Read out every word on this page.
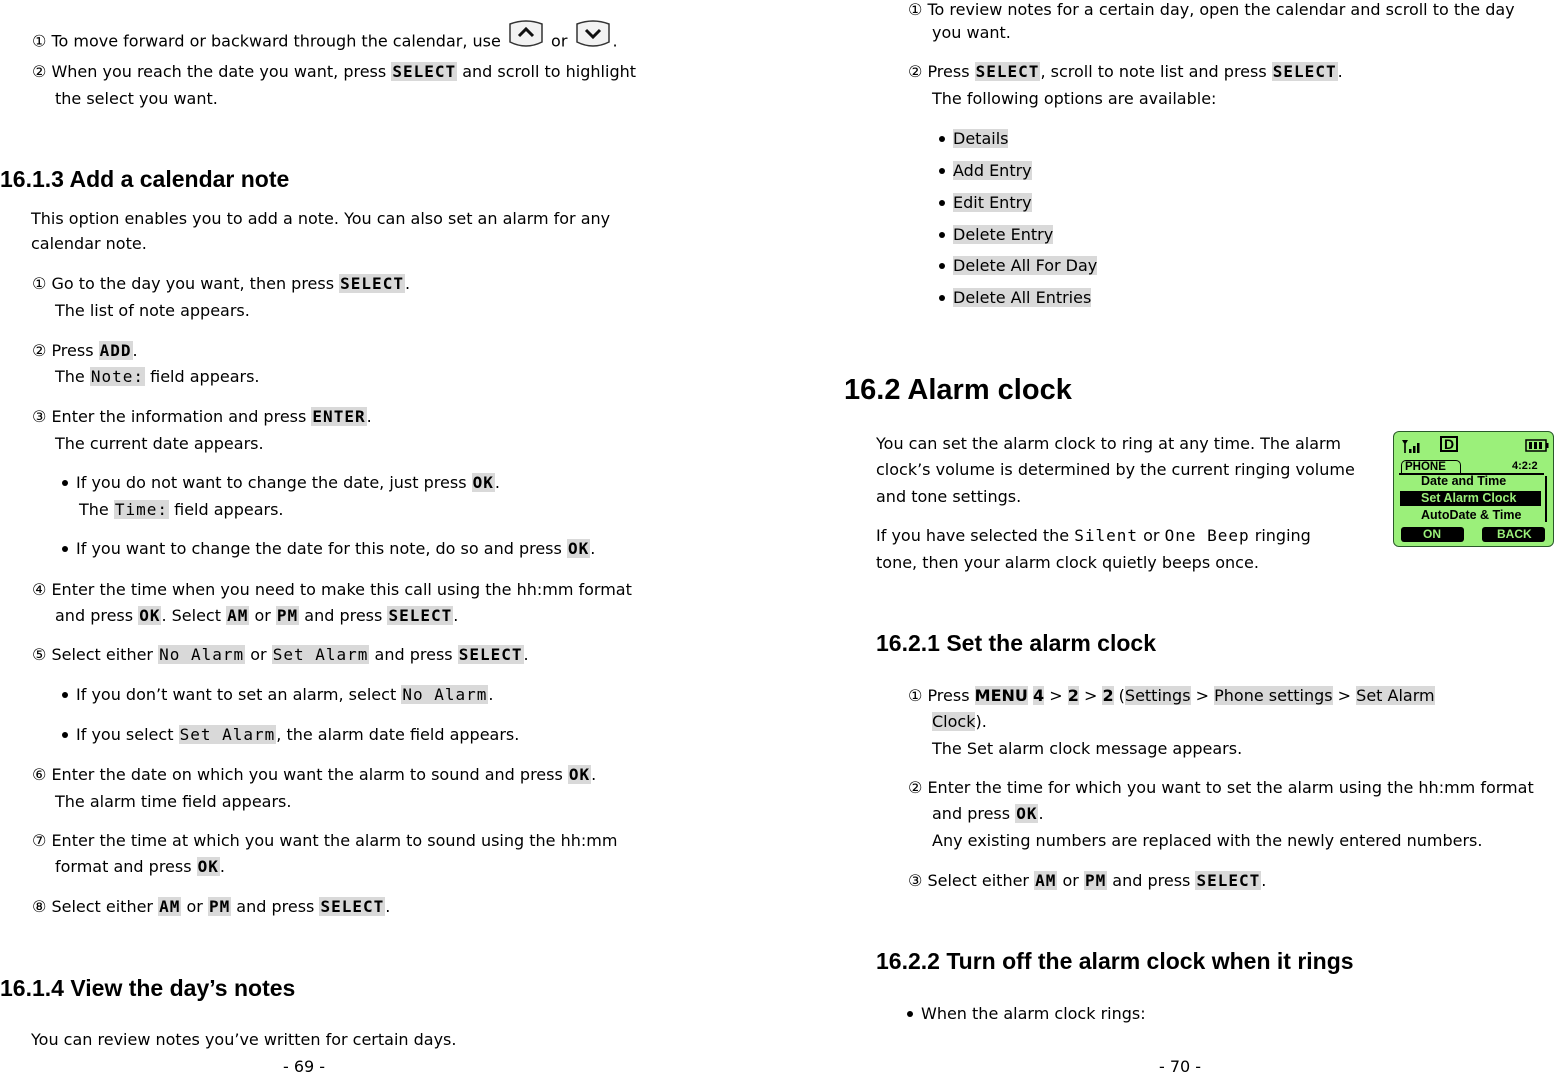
① To move forward or backward through the calendar, use	or	.
② When you reach the date you want, press SELECT and scroll to highlight
the select you want.
16.1.3 Add a calendar note
This option enables you to add a note. You can also set an alarm for any
calendar note.
① Go to the day you want, then press SELECT.
The list of note appears.
② Press ADD.
The Note: field appears.
③ Enter the information and press ENTER.
The current date appears.
If you do not want to change the date, just press OK.
The Time: field appears.
If you want to change the date for this note, do so and press OK.
④ Enter the time when you need to make this call using the hh:mm format
and press OK. Select AM or PM and press SELECT.
⑤ Select either No Alarm or Set Alarm and press SELECT.
If you don’t want to set an alarm, select No Alarm.
If you select Set Alarm, the alarm date field appears.
⑥ Enter the date on which you want the alarm to sound and press OK.
The alarm time field appears.
⑦ Enter the time at which you want the alarm to sound using the hh:mm
format and press OK.
⑧ Select either AM or PM and press SELECT.
16.1.4 View the day’s notes
You can review notes you’ve written for certain days.
- 69 -
① To review notes for a certain day, open the calendar and scroll to the day
you want.
② Press SELECT, scroll to note list and press SELECT.
The following options are available:
Details
Add Entry
Edit Entry
Delete Entry
Delete All For Day
Delete All Entries
16.2 Alarm clock
You can set the alarm clock to ring at any time. The alarm
clock’s volume is determined by the current ringing volume
and tone settings.
If you have selected the Silent or One Beep ringing
tone, then your alarm clock quietly beeps once.
D
PHONE	4:2:2
Date and Time
Set Alarm Clock
AutoDate & Time
ON	BACK
16.2.1 Set the alarm clock
① Press MENU 4 > 2 > 2 (Settings > Phone settings > Set Alarm
Clock).
The Set alarm clock message appears.
② Enter the time for which you want to set the alarm using the hh:mm format
and press OK.
Any existing numbers are replaced with the newly entered numbers.
③ Select either AM or PM and press SELECT.
16.2.2 Turn off the alarm clock when it rings
When the alarm clock rings:
- 70 -
